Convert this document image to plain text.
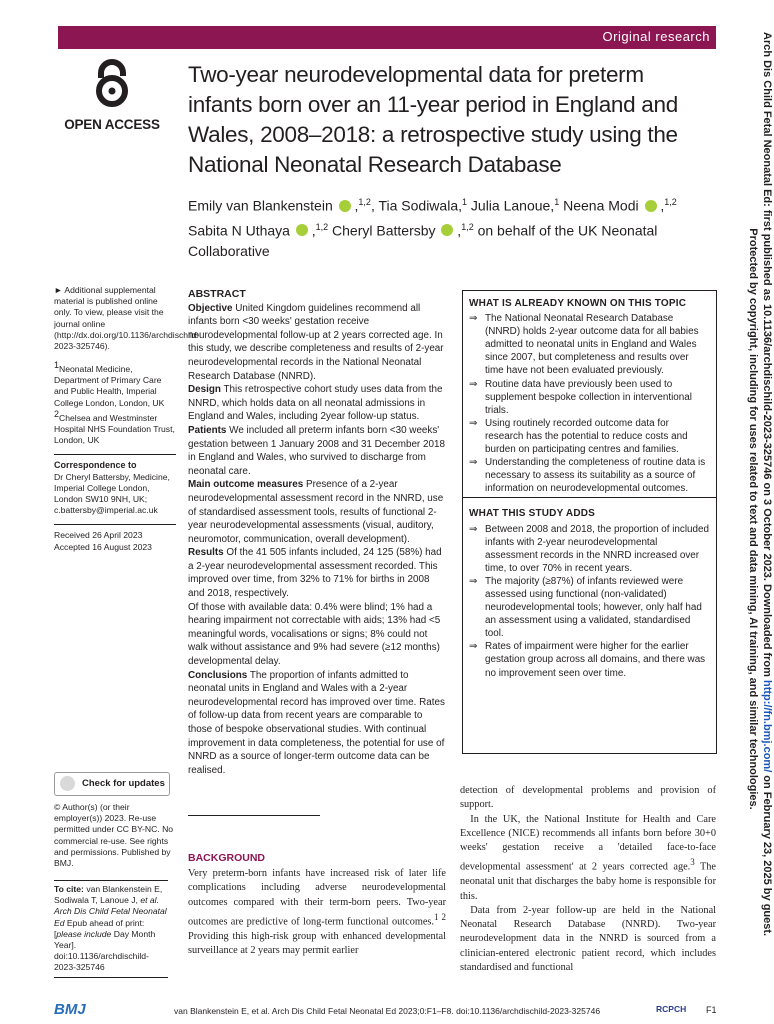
Original research
OPEN ACCESS
Two-year neurodevelopmental data for preterm infants born over an 11-year period in England and Wales, 2008–2018: a retrospective study using the National Neonatal Research Database
Emily van Blankenstein  ,$^{1,2}$, Tia Sodiwala,$^1$ Julia Lanoue,$^1$ Neena Modi  ,$^{1,2}$ Sabita N Uthaya  ,$^{1,2}$ Cheryl Battersby  ,$^{1,2}$ on behalf of the UK Neonatal Collaborative

► Additional supplemental material is published online only. To view, please visit the journal online (http://dx.doi.org/10.1136/archdischild-2023-325746).

$^1$Neonatal Medicine, Department of Primary Care and Public Health, Imperial College London, London, UK
$^2$Chelsea and Westminster Hospital NHS Foundation Trust, London, UK

Correspondence to
Dr Cheryl Battersby, Medicine, Imperial College London, London SW10 9NH, UK; c.battersby@imperial.ac.uk

Received 26 April 2023
Accepted 16 August 2023

Check for updates
© Author(s) (or their employer(s)) 2023. Re-use permitted under CC BY-NC. No commercial re-use. See rights and permissions. Published by BMJ.
To cite: van Blankenstein E, Sodiwala T, Lanoue J, et al. Arch Dis Child Fetal Neonatal Ed Epub ahead of print: [please include Day Month Year]. doi:10.1136/archdischild-2023-325746

ABSTRACT

Objective United Kingdom guidelines recommend all infants born <30 weeks' gestation receive neurodevelopmental follow-up at 2 years corrected age. In this study, we describe completeness and results of 2-year neurodevelopmental records in the National Neonatal Research Database (NNRD).

Design This retrospective cohort study uses data from the NNRD, which holds data on all neonatal admissions in England and Wales, including 2year follow-up status.

Patients We included all preterm infants born <30 weeks' gestation between 1 January 2008 and 31 December 2018 in England and Wales, who survived to discharge from neonatal care.

Main outcome measures Presence of a 2-year neurodevelopmental assessment record in the NNRD, use of standardised assessment tools, results of functional 2-year neurodevelopmental assessments (visual, auditory, neuromotor, communication, overall development).

Results Of the 41 505 infants included, 24 125 (58%) had a 2-year neurodevelopmental assessment recorded. This improved over time, from 32% to 71% for births in 2008 and 2018, respectively.

Of those with available data: 0.4% were blind; 1% had a hearing impairment not correctable with aids; 13% had <5 meaningful words, vocalisations or signs; 8% could not walk without assistance and 9% had severe (≥12 months) developmental delay.

Conclusions The proportion of infants admitted to neonatal units in England and Wales with a 2-year neurodevelopmental record has improved over time. Rates of follow-up data from recent years are comparable to those of bespoke observational studies. With continual improvement in data completeness, the potential for use of NNRD as a source of longer-term outcome data can be realised.

WHAT IS ALREADY KNOWN ON THIS TOPIC
⇒ The National Neonatal Research Database (NNRD) holds 2-year outcome data for all babies admitted to neonatal units in England and Wales since 2007, but completeness and results over time have not been evaluated previously.
⇒ Routine data have previously been used to supplement bespoke collection in interventional trials.
⇒ Using routinely recorded outcome data for research has the potential to reduce costs and burden on participating centres and families.
⇒ Understanding the completeness of routine data is necessary to assess its suitability as a source of information on neurodevelopmental outcomes.
WHAT THIS STUDY ADDS
⇒ Between 2008 and 2018, the proportion of included infants with 2-year neurodevelopmental assessment records in the NNRD increased over time, to over 70% in recent years.
⇒ The majority (≥87%) of infants reviewed were assessed using functional (non-validated) neurodevelopmental tools; however, only half had an assessment using a validated, standardised tool.
⇒ Rates of impairment were higher for the earlier gestation group across all domains, and there was no improvement seen over time.
BACKGROUND
Very preterm-born infants have increased risk of later life complications including adverse neurodevelopmental outcomes compared with their term-born peers. Two-year outcomes are predictive of long-term functional outcomes.$^{1 2}$ Providing this high-risk group with enhanced developmental surveillance at 2 years may permit earlier

detection of developmental problems and provision of support.

 In the UK, the National Institute for Health and Care Excellence (NICE) recommends all infants born before 30+0 weeks' gestation receive a 'detailed face-to-face developmental assessment' at 2 years corrected age.$^3$ The neonatal unit that discharges the baby home is responsible for this.

 Data from 2-year follow-up are held in the National Neonatal Research Database (NNRD). Two-year neurodevelopment data in the NNRD is sourced from a clinician-entered electronic patient record, which includes standardised and functional

BMJ	van Blankenstein E, et al. Arch Dis Child Fetal Neonatal Ed 2023;0:F1–F8. doi:10.1136/archdischild-2023-325746	RCPCH F1
Arch Dis Child Fetal Neonatal Ed: first published as 10.1136/archdischild-2023-325746 on 3 October 2023. Downloaded from http://fn.bmj.com/ on February 23, 2025 by guest.
Protected by copyright, including for uses related to text and data mining, AI training, and similar technologies.
